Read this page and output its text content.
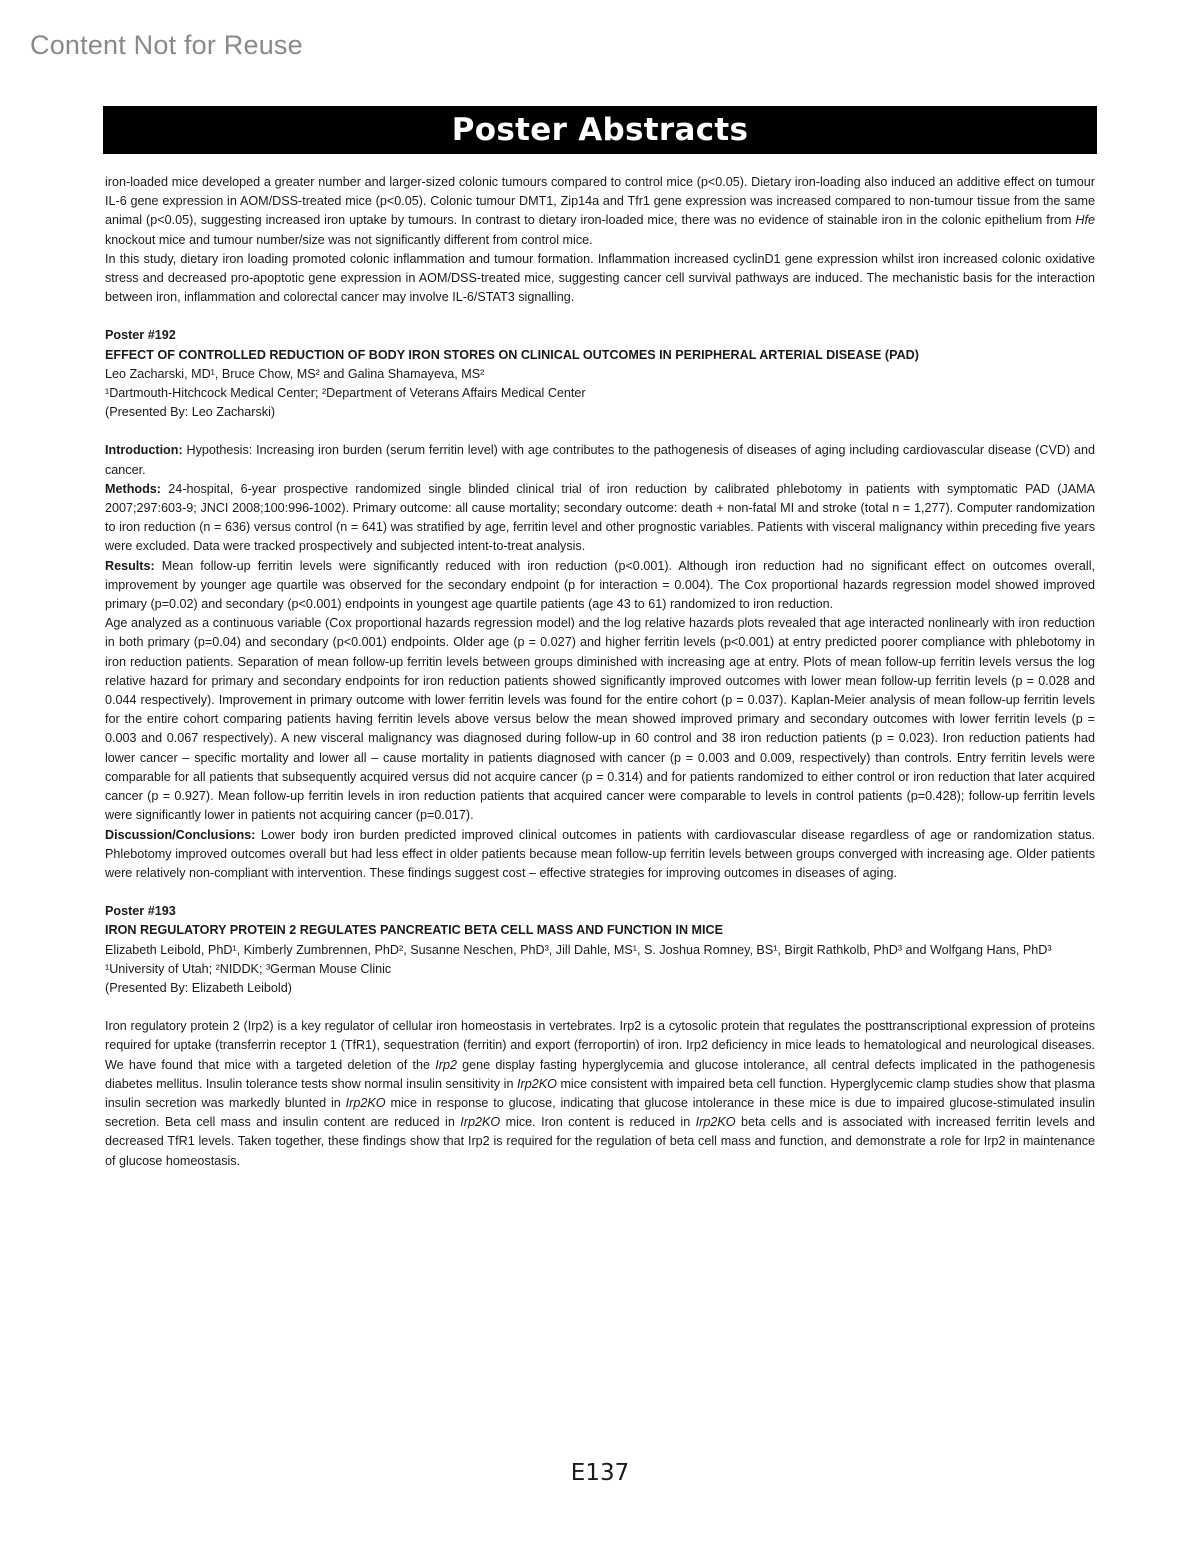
Content Not for Reuse
Poster Abstracts

iron-loaded mice developed a greater number and larger-sized colonic tumours compared to control mice (p<0.05). Dietary iron-loading also induced an additive effect on tumour IL-6 gene expression in AOM/DSS-treated mice (p<0.05). Colonic tumour DMT1, Zip14a and Tfr1 gene expression was increased compared to non-tumour tissue from the same animal (p<0.05), suggesting increased iron uptake by tumours. In contrast to dietary iron-loaded mice, there was no evidence of stainable iron in the colonic epithelium from Hfe knockout mice and tumour number/size was not significantly different from control mice.

In this study, dietary iron loading promoted colonic inflammation and tumour formation. Inflammation increased cyclinD1 gene expression whilst iron increased colonic oxidative stress and decreased pro-apoptotic gene expression in AOM/DSS-treated mice, suggesting cancer cell survival pathways are induced. The mechanistic basis for the interaction between iron, inflammation and colorectal cancer may involve IL-6/STAT3 signalling.

Poster #192

EFFECT OF CONTROLLED REDUCTION OF BODY IRON STORES ON CLINICAL OUTCOMES IN PERIPHERAL ARTERIAL DISEASE (PAD)

Leo Zacharski, MD¹, Bruce Chow, MS² and Galina Shamayeva, MS²

¹Dartmouth-Hitchcock Medical Center; ²Department of Veterans Affairs Medical Center

(Presented By: Leo Zacharski)

Introduction: Hypothesis: Increasing iron burden (serum ferritin level) with age contributes to the pathogenesis of diseases of aging including cardiovascular disease (CVD) and cancer.

Methods: 24-hospital, 6-year prospective randomized single blinded clinical trial of iron reduction by calibrated phlebotomy in patients with symptomatic PAD (JAMA 2007;297:603-9; JNCI 2008;100:996-1002). Primary outcome: all cause mortality; secondary outcome: death + non-fatal MI and stroke (total n = 1,277). Computer randomization to iron reduction (n = 636) versus control (n = 641) was stratified by age, ferritin level and other prognostic variables. Patients with visceral malignancy within preceding five years were excluded. Data were tracked prospectively and subjected intent-to-treat analysis.

Results: Mean follow-up ferritin levels were significantly reduced with iron reduction (p<0.001). Although iron reduction had no significant effect on outcomes overall, improvement by younger age quartile was observed for the secondary endpoint (p for interaction = 0.004). The Cox proportional hazards regression model showed improved primary (p=0.02) and secondary (p<0.001) endpoints in youngest age quartile patients (age 43 to 61) randomized to iron reduction.

Age analyzed as a continuous variable (Cox proportional hazards regression model) and the log relative hazards plots revealed that age interacted nonlinearly with iron reduction in both primary (p=0.04) and secondary (p<0.001) endpoints. Older age (p = 0.027) and higher ferritin levels (p<0.001) at entry predicted poorer compliance with phlebotomy in iron reduction patients. Separation of mean follow-up ferritin levels between groups diminished with increasing age at entry. Plots of mean follow-up ferritin levels versus the log relative hazard for primary and secondary endpoints for iron reduction patients showed significantly improved outcomes with lower mean follow-up ferritin levels (p = 0.028 and 0.044 respectively). Improvement in primary outcome with lower ferritin levels was found for the entire cohort (p = 0.037). Kaplan-Meier analysis of mean follow-up ferritin levels for the entire cohort comparing patients having ferritin levels above versus below the mean showed improved primary and secondary outcomes with lower ferritin levels (p = 0.003 and 0.067 respectively). A new visceral malignancy was diagnosed during follow-up in 60 control and 38 iron reduction patients (p = 0.023). Iron reduction patients had lower cancer – specific mortality and lower all – cause mortality in patients diagnosed with cancer (p = 0.003 and 0.009, respectively) than controls. Entry ferritin levels were comparable for all patients that subsequently acquired versus did not acquire cancer (p = 0.314) and for patients randomized to either control or iron reduction that later acquired cancer (p = 0.927). Mean follow-up ferritin levels in iron reduction patients that acquired cancer were comparable to levels in control patients (p=0.428); follow-up ferritin levels were significantly lower in patients not acquiring cancer (p=0.017).

Discussion/Conclusions: Lower body iron burden predicted improved clinical outcomes in patients with cardiovascular disease regardless of age or randomization status. Phlebotomy improved outcomes overall but had less effect in older patients because mean follow-up ferritin levels between groups converged with increasing age. Older patients were relatively non-compliant with intervention. These findings suggest cost – effective strategies for improving outcomes in diseases of aging.

Poster #193

IRON REGULATORY PROTEIN 2 REGULATES PANCREATIC BETA CELL MASS AND FUNCTION IN MICE

Elizabeth Leibold, PhD¹, Kimberly Zumbrennen, PhD², Susanne Neschen, PhD³, Jill Dahle, MS¹, S. Joshua Romney, BS¹, Birgit Rathkolb, PhD³ and Wolfgang Hans, PhD³

¹University of Utah; ²NIDDK; ³German Mouse Clinic

(Presented By: Elizabeth Leibold)

Iron regulatory protein 2 (Irp2) is a key regulator of cellular iron homeostasis in vertebrates. Irp2 is a cytosolic protein that regulates the posttranscriptional expression of proteins required for uptake (transferrin receptor 1 (TfR1), sequestration (ferritin) and export (ferroportin) of iron. Irp2 deficiency in mice leads to hematological and neurological diseases. We have found that mice with a targeted deletion of the Irp2 gene display fasting hyperglycemia and glucose intolerance, all central defects implicated in the pathogenesis diabetes mellitus. Insulin tolerance tests show normal insulin sensitivity in Irp2KO mice consistent with impaired beta cell function. Hyperglycemic clamp studies show that plasma insulin secretion was markedly blunted in Irp2KO mice in response to glucose, indicating that glucose intolerance in these mice is due to impaired glucose-stimulated insulin secretion. Beta cell mass and insulin content are reduced in Irp2KO mice. Iron content is reduced in Irp2KO beta cells and is associated with increased ferritin levels and decreased TfR1 levels. Taken together, these findings show that Irp2 is required for the regulation of beta cell mass and function, and demonstrate a role for Irp2 in maintenance of glucose homeostasis.

E137
